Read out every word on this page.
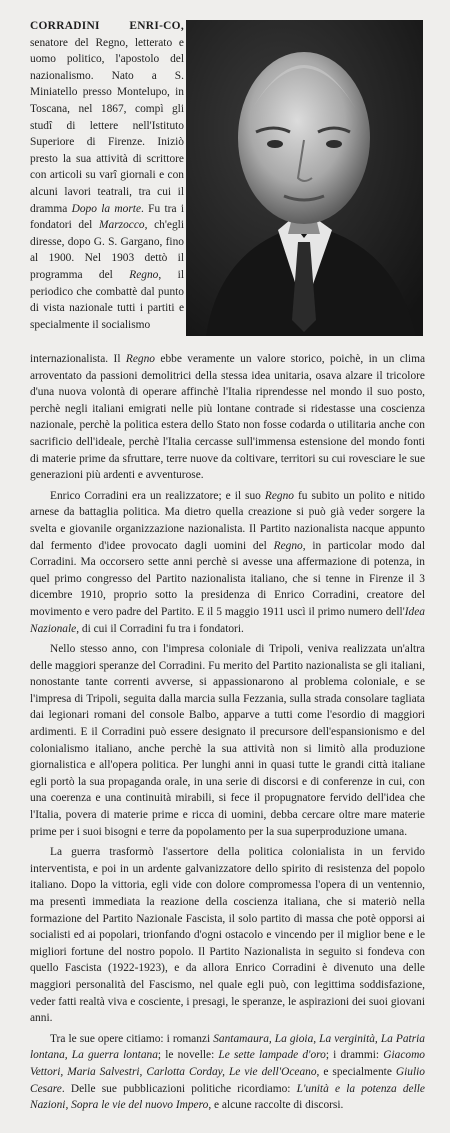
CORRADINI ENRI-CO, senatore del Regno, letterato e uomo politico, l'apostolo del nazionalismo. Nato a S. Miniatello presso Montelupo, in Toscana, nel 1867, compì gli studî di lettere nell'Istituto Superiore di Firenze. Iniziò presto la sua attività di scrittore con articoli su varî giornali e con alcuni lavori teatrali, tra cui il dramma Dopo la morte. Fu tra i fondatori del Marzocco, ch'egli diresse, dopo G. S. Gargano, fino al 1900. Nel 1903 dettò il programma del Regno, il periodico che combattè dal punto di vista nazionale tutti i partiti e specialmente il socialismo

internazionalista. Il Regno ebbe veramente un valore storico, poichè, in un clima arroventato da passioni demolitrici della stessa idea unitaria, osava alzare il tricolore d'una nuova volontà di operare affinchè l'Italia riprendesse nel mondo il suo posto, perchè negli italiani emigrati nelle più lontane contrade si ridestasse una coscienza nazionale, perchè la politica estera dello Stato non fosse codarda o utilitaria anche con sacrificio dell'ideale, perchè l'Italia cercasse sull'immensa estensione del mondo fonti di materie prime da sfruttare, terre nuove da coltivare, territori su cui rovesciare le sue generazioni più ardenti e avventurose.

Enrico Corradini era un realizzatore; e il suo Regno fu subito un polito e nitido arnese da battaglia politica. Ma dietro quella creazione si può già veder sorgere la svelta e giovanile organizzazione nazionalista. Il Partito nazionalista nacque appunto dal fermento d'idee provocato dagli uomini del Regno, in particolar modo dal Corradini. Ma occorsero sette anni perchè si avesse una affermazione di potenza, in quel primo congresso del Partito nazionalista italiano, che si tenne in Firenze il 3 dicembre 1910, proprio sotto la presidenza di Enrico Corradini, creatore del movimento e vero padre del Partito. E il 5 maggio 1911 uscì il primo numero dell'Idea Nazionale, di cui il Corradini fu tra i fondatori.

Nello stesso anno, con l'impresa coloniale di Tripoli, veniva realizzata un'altra delle maggiori speranze del Corradini. Fu merito del Partito nazionalista se gli italiani, nonostante tante correnti avverse, si appassionarono al problema coloniale, e se l'impresa di Tripoli, seguita dalla marcia sulla Fezzania, sulla strada consolare tagliata dai legionari romani del console Balbo, apparve a tutti come l'esordio di maggiori ardimenti. E il Corradini può essere designato il precursore dell'espansionismo e del colonialismo italiano, anche perchè la sua attività non si limitò alla produzione giornalistica e all'opera politica. Per lunghi anni in quasi tutte le grandi città italiane egli portò la sua propaganda orale, in una serie di discorsi e di conferenze in cui, con una coerenza e una continuità mirabili, si fece il propugnatore fervido dell'idea che l'Italia, povera di materie prime e ricca di uomini, debba cercare oltre mare materie prime per i suoi bisogni e terre da popolamento per la sua superproduzione umana.

La guerra trasformò l'assertore della politica colonialista in un fervido interventista, e poi in un ardente galvanizzatore dello spirito di resistenza del popolo italiano. Dopo la vittoria, egli vide con dolore compromessa l'opera di un ventennio, ma presentì immediata la reazione della coscienza italiana, che si materiò nella formazione del Partito Nazionale Fascista, il solo partito di massa che potè opporsi ai socialisti ed ai popolari, trionfando d'ogni ostacolo e vincendo per il miglior bene e le migliori fortune del nostro popolo. Il Partito Nazionalista in seguito si fondeva con quello Fascista (1922-1923), e da allora Enrico Corradini è divenuto una delle maggiori personalità del Fascismo, nel quale egli può, con legittima soddisfazione, veder fatti realtà viva e cosciente, i presagi, le speranze, le aspirazioni dei suoi giovani anni.

Tra le sue opere citiamo: i romanzi Santamaura, La gioia, La verginità, La Patria lontana, La guerra lontana; le novelle: Le sette lampade d'oro; i drammi: Giacomo Vettori, Maria Salvestri, Carlotta Corday, Le vie dell'Oceano, e specialmente Giulio Cesare. Delle sue pubblicazioni politiche ricordiamo: L'unità e la potenza delle Nazioni, Sopra le vie del nuovo Impero, e alcune raccolte di discorsi.
